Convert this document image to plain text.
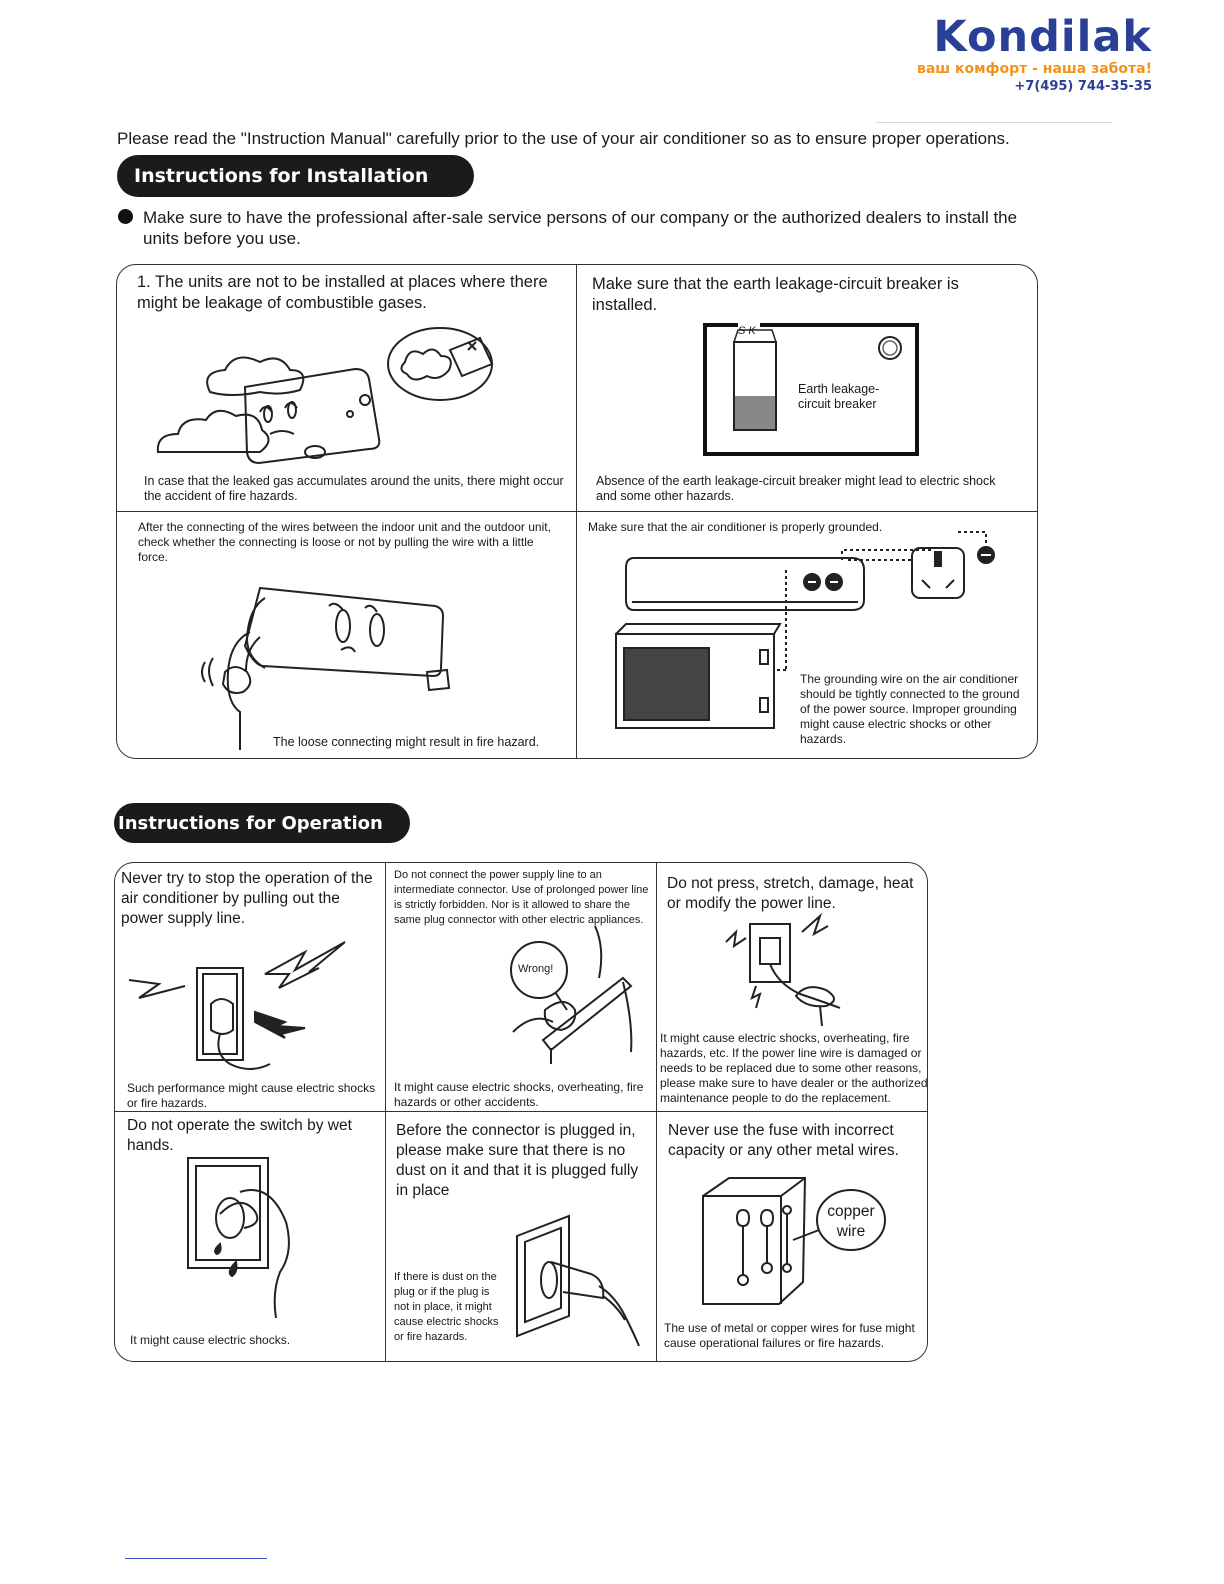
Kondilak
ваш комфорт - наша забота!
+7(495) 744-35-35
Please read the "Instruction Manual" carefully prior to the use of your air conditioner so as to ensure proper operations.
Instructions for Installation
Make sure to have the professional after-sale service persons of our company or the authorized dealers to install the units before you use.
1. The units are not to be installed at places where there might be leakage of combustible gases.
In case that the leaked gas accumulates around the units, there might occur the accident of fire hazards.
Make sure that the earth leakage-circuit breaker is installed.
S K
Earth leakage-circuit breaker
Absence of the earth leakage-circuit breaker might lead to electric shock and some other hazards.
After the connecting of the wires between the indoor unit and the outdoor unit, check whether the connecting is loose or not by pulling the wire with a little force.
The loose connecting might result in fire hazard.
Make sure that the air conditioner is properly grounded.
The grounding wire on the air conditioner should be tightly connected to the ground of the power source. Improper grounding might cause electric shocks or other hazards.
Instructions for Operation
Never try to stop the operation of the air conditioner by pulling out the power supply line.
Such performance might cause electric shocks or fire hazards.
Do not connect the power supply line to an intermediate connector. Use of prolonged power line is strictly forbidden. Nor is it allowed to share the same plug connector with other electric appliances.
Wrong!
It might cause electric shocks, overheating, fire hazards or other accidents.
Do not press, stretch, damage, heat or modify the power line.
It might cause electric shocks, overheating, fire hazards, etc. If the power line wire is damaged or needs to be replaced due to some other reasons, please make sure to have dealer or the authorized maintenance people to do the replacement.
Do not operate the switch by wet hands.
It might cause electric shocks.
Before the connector is plugged in, please make sure that there is no dust on it and that it is plugged fully in place
If there is dust on the plug or if the plug is not in place, it might cause electric shocks or fire hazards.
Never use the fuse with incorrect capacity or any other metal wires.
copper wire
The use of metal or copper wires for fuse might cause operational failures or fire hazards.
